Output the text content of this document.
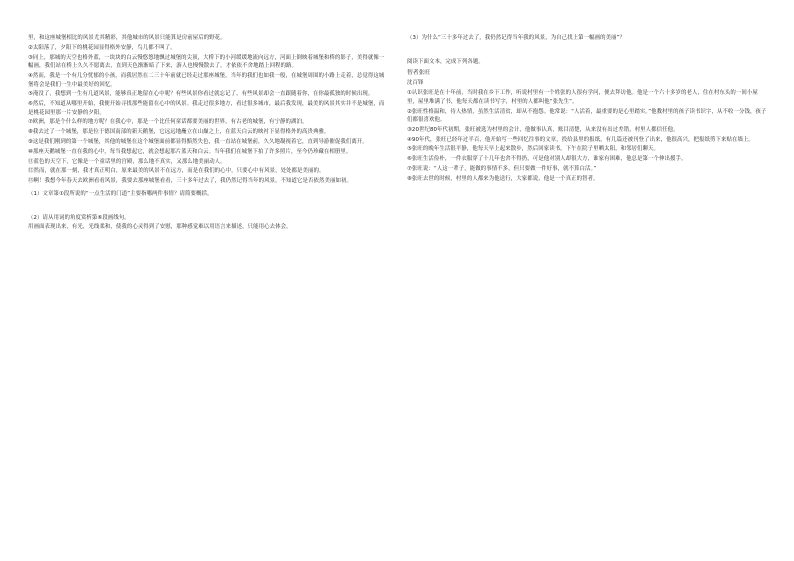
里，和这座城堡相比的风景尤其精彩，其他城市的风景只能算是房前屋后的野花。

②太阳落了，夕阳下的桃花园显得格外安静，鸟儿都不叫了。

③同上，那城的天空也格外蓝，一块块的白云慢悠悠地飘过城堡的尖顶，大桥下的小河缓缓地流向远方，河面上倒映着城堡和桥的影子，美得就像一幅画，我们站在桥上久久不愿离去，直到天色渐渐暗了下来，游人也慢慢散去了，才依依不舍地踏上回程的路。

④然而，我是一个有几分忧郁的小孩，而我居然在二三十年前就已经走过那座城堡，当年的我们也如我一般，在城堡周围的小路上走着，总觉得这城堡将会是我们一生中最美好的回忆。

⑤淹没了，我想到一生有几道风景，能够真正地留在心中呢？有些风景你看过就忘记了，有些风景却会一直跟随着你，在你最孤独的时候出现。

⑥然后，不知道从哪里开始，我便开始寻找那些能留在心中的风景。我走过很多地方，看过很多城市，最后我发现，最美的风景其实并不是城堡，而是桃花园里那一片安静的夕阳。

⑦欧洲，那是个什么样的地方呢？在我心中，那是一个比任何童话都要美丽的世界，有古老的城堡，有宁静的湖泊。

⑧我去过了一个城堡，那是位于德国南部的新天鹅堡，它远远地矗立在山巅之上，在蓝天白云的映衬下显得格外的高贵典雅。

⑨这是我们刚到的第一个城堡，其他的城堡在这个城堡面前都显得黯然失色，我一直站在城堡前，久久地凝视着它，直到导游催促我们离开。

⑩那座天鹅城堡一直在我的心中，每当我想起它，就会想起那片蓝天和白云。当年我们在城堡下拍了许多照片，至今仍珍藏在相册里。

⑪蓝色的天空下，它像是一个童话里的宫殿，那么地不真实，又那么地美丽动人。

⑫然而，就在那一刻，我才真正明白，原来最美的风景不在远方，而是在我们的心中，只要心中有风景，处处都是美丽的。

⑬啊！我想今年春天去欧洲看看风景，我要去那座城堡看看，三十多年过去了，我仍然记得当年的风景，不知道它是否依然美丽如初。

（1）文章第①段所说的“一点生活的门道”主要指哪两件事情？请简要概括。

（2）请从用词的角度赏析第⑥段画线句。

用画面表现出来，有光，光线柔和，使我的心灵得到了安慰，那种感觉难以用语言来描述，只能用心去体会。

（3）为什么“三十多年过去了，我仍然记得当年我的风景，为自己找上第一幅画的美丽”？

阅读下面文本，完成下列各题。

智者张旺

沈百锋

①认识张旺是在十年前，当时我在乡下工作，听说村里有一个姓张的人很有学问，便去拜访他。他是一个六十多岁的老人，住在村东头的一间小屋里，屋里堆满了书，他每天都在读书写字，村里的人都叫他“张先生”。

②张旺性格温和，待人热情，虽然生活清贫，却从不抱怨。他常说：“人活着，最重要的是心里踏实。”他教村里的孩子读书识字，从不收一分钱，孩子们都很喜欢他。

③20世纪80年代初期，张旺被选为村里的会计，他做事认真，账目清楚，从来没有出过差错，村里人都信任他。

④90年代，张旺已经年过半百，他开始写一些回忆往事的文章，投给县里的报纸，有几篇还被刊登了出来，他很高兴，把报纸剪下来贴在墙上。

⑤张旺的晚年生活很平静，他每天早上起来散步，然后回家读书，下午在院子里晒太阳，和邻居们聊天。

⑥张旺生活俭朴，一件衣服穿了十几年也舍不得扔，可是他对别人却很大方，谁家有困难，他总是第一个伸出援手。

⑦张旺说：“人这一辈子，能做的事情不多，但只要做一件好事，就不算白活。”

⑧张旺去世的时候，村里的人都来为他送行，大家都说，他是一个真正的智者。
